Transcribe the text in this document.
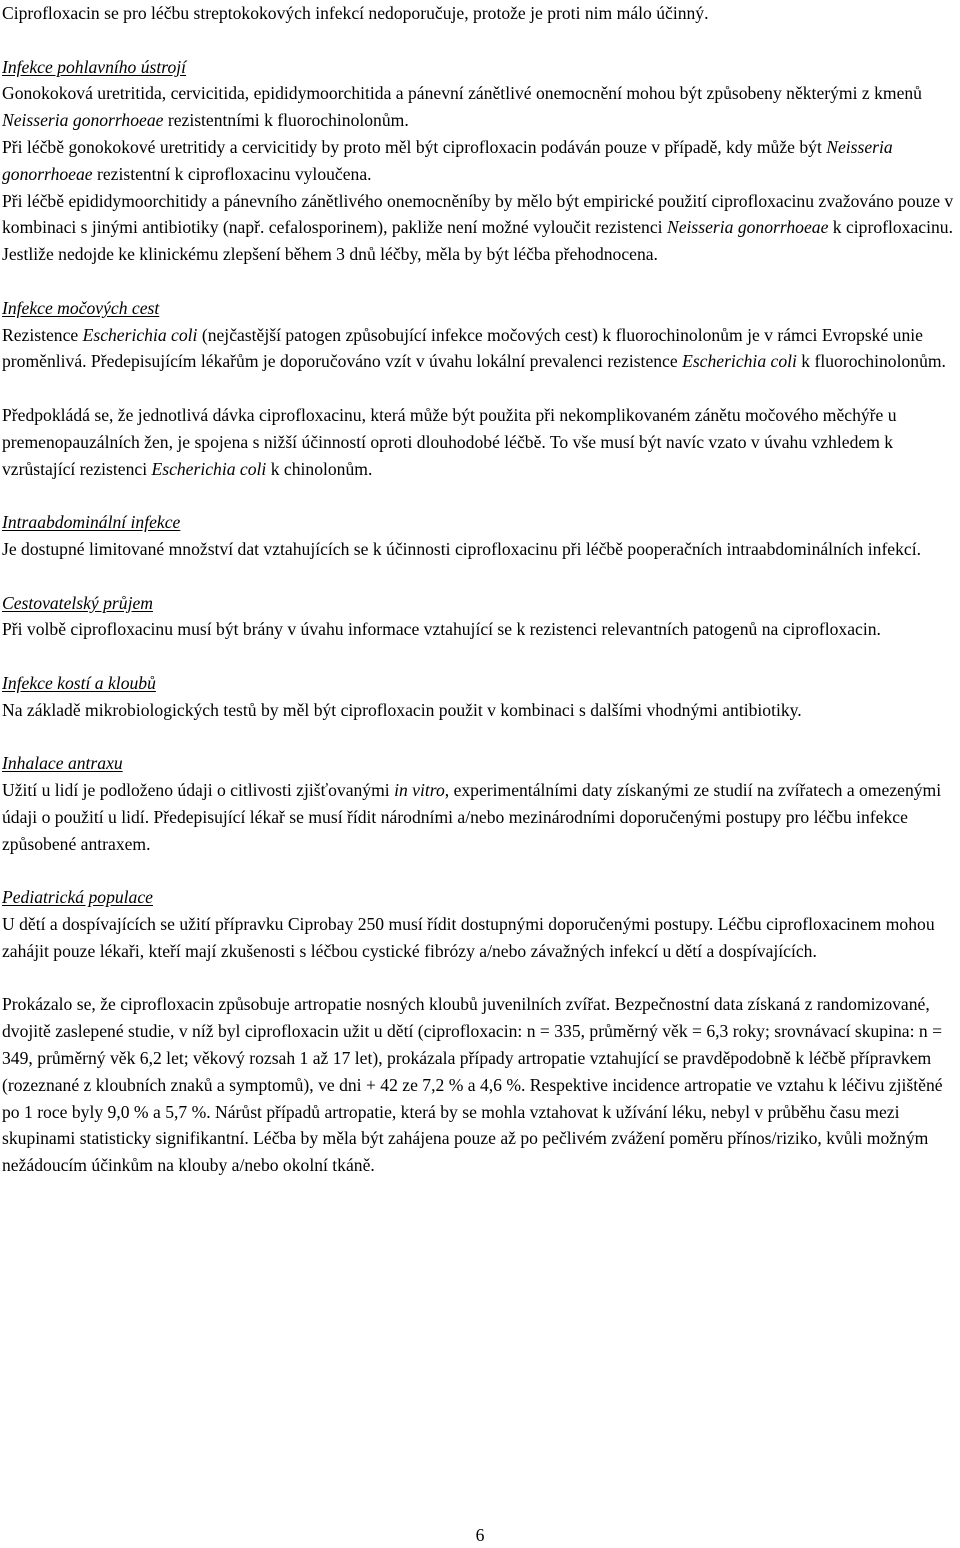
Ciprofloxacin se pro léčbu streptokokových infekcí nedoporučuje, protože je proti nim málo účinný.

Infekce pohlavního ústrojí

Gonokoková uretritida, cervicitida, epididymoorchitida a pánevní zánětlivé onemocnění mohou být způsobeny některými z kmenů Neisseria gonorrhoeae rezistentními k fluorochinolonům.

Při léčbě gonokokové uretritidy a cervicitidy by proto měl být ciprofloxacin podáván pouze v případě, kdy může být Neisseria gonorrhoeae rezistentní k ciprofloxacinu vyloučena.

Při léčbě epididymoorchitidy a pánevního zánětlivého onemocněníby by mělo být empirické použití ciprofloxacinu zvažováno pouze v kombinaci s jinými antibiotiky (např. cefalosporinem), pakliže není možné vyloučit rezistenci Neisseria gonorrhoeae k ciprofloxacinu.

Jestliže nedojde ke klinickému zlepšení během 3 dnů léčby, měla by být léčba přehodnocena.

Infekce močových cest

Rezistence Escherichia coli (nejčastější patogen způsobující infekce močových cest) k fluorochinolonům je v rámci Evropské unie proměnlivá. Předepisujícím lékařům je doporučováno vzít v úvahu lokální prevalenci rezistence Escherichia coli k fluorochinolonům.

Předpokládá se, že jednotlivá dávka ciprofloxacinu, která může být použita při nekomplikovaném zánětu močového měchýře u premenopauzálních žen, je spojena s nižší účinností oproti dlouhodobé léčbě. To vše musí být navíc vzato v úvahu vzhledem k vzrůstající rezistenci Escherichia coli k chinolonům.

Intraabdominální infekce

Je dostupné limitované množství dat vztahujících se k účinnosti ciprofloxacinu při léčbě pooperačních intraabdominálních infekcí.

Cestovatelský průjem

Při volbě ciprofloxacinu musí být brány v úvahu informace vztahující se k rezistenci relevantních patogenů na ciprofloxacin.

Infekce kostí a kloubů

Na základě mikrobiologických testů by měl být ciprofloxacin použit v kombinaci s dalšími vhodnými antibiotiky.

Inhalace antraxu

Užití u lidí je podloženo údaji o citlivosti zjišťovanými in vitro, experimentálními daty získanými ze studií na zvířatech a omezenými údaji o použití u lidí. Předepisující lékař se musí řídit národními a/nebo mezinárodními doporučenými postupy pro léčbu infekce způsobené antraxem.

Pediatrická populace

U dětí a dospívajících se užití přípravku Ciprobay 250 musí řídit dostupnými doporučenými postupy. Léčbu ciprofloxacinem mohou zahájit pouze lékaři, kteří mají zkušenosti s léčbou cystické fibrózy a/nebo závažných infekcí u dětí a dospívajících.

Prokázalo se, že ciprofloxacin způsobuje artropatie nosných kloubů juvenilních zvířat. Bezpečnostní data získaná z randomizované, dvojitě zaslepené studie, v níž byl ciprofloxacin užit u dětí (ciprofloxacin: n = 335, průměrný věk = 6,3 roky; srovnávací skupina: n = 349, průměrný věk 6,2 let; věkový rozsah 1 až 17 let), prokázala případy artropatie vztahující se pravděpodobně k léčbě přípravkem (rozeznané z kloubních znaků a symptomů), ve dni + 42 ze 7,2 % a 4,6 %. Respektive incidence artropatie ve vztahu k léčivu zjištěné po 1 roce byly 9,0 % a 5,7 %. Nárůst případů artropatie, která by se mohla vztahovat k užívání léku, nebyl v průběhu času mezi skupinami statisticky signifikantní. Léčba by měla být zahájena pouze až po pečlivém zvážení poměru přínos/riziko, kvůli možným nežádoucím účinkům na klouby a/nebo okolní tkáně.

6
